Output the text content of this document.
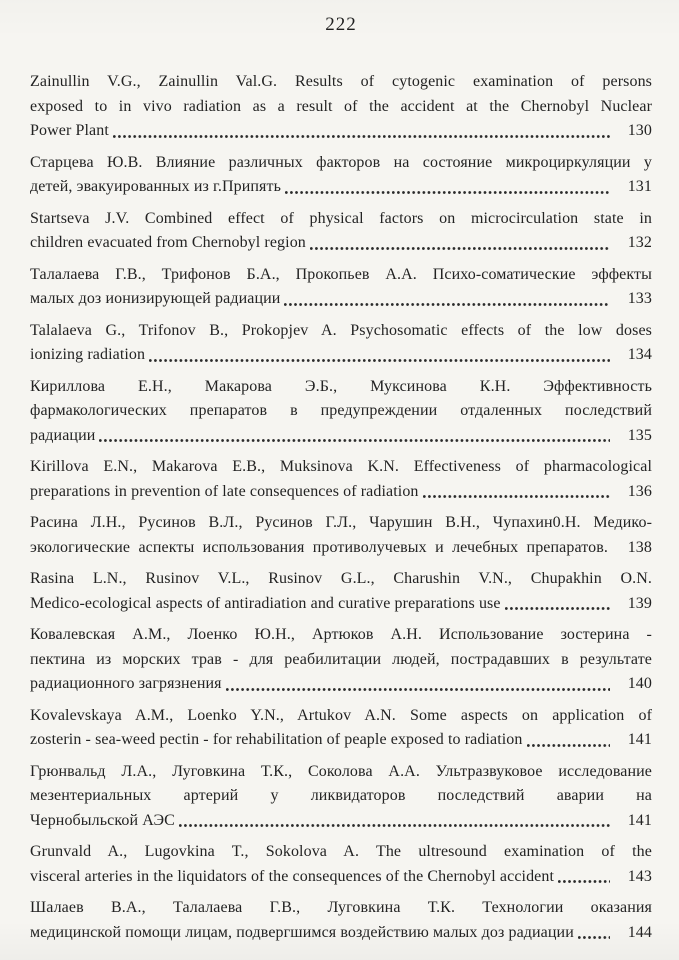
222
Zainullin V.G., Zainullin Val.G. Results of cytogenic examination of persons
exposed to in vivo radiation as a result of the accident at the Chernobyl Nuclear
Power Plant	130
Старцева Ю.В. Влияние различных факторов на состояние микроциркуляции у
детей, эвакуированных из г.Припять	131
Startseva J.V. Combined effect of physical factors on microcirculation state in
children evacuated from Chernobyl region	132
Талалаева Г.В., Трифонов Б.А., Прокопьев А.А. Психо-соматические эффекты
малых доз ионизирующей радиации	133
Talalaeva G., Trifonov B., Prokopjev A. Psychosomatic effects of the low doses
ionizing radiation	134
Кириллова Е.Н., Макарова Э.Б., Муксинова К.Н. Эффективность
фармакологических препаратов в предупреждении отдаленных последствий
радиации	135
Kirillova E.N., Makarova E.B., Muksinova K.N. Effectiveness of pharmacological
preparations in prevention of late consequences of radiation	136
Расина Л.Н., Русинов В.Л., Русинов Г.Л., Чарушин В.Н., Чупахин0.Н. Медико-
экологические аспекты использования противолучевых и лечебных препаратов.	138
Rasina L.N., Rusinov V.L., Rusinov G.L., Charushin V.N., Chupakhin O.N.
Medico-ecological aspects of antiradiation and curative preparations use	139
Ковалевская А.М., Лоенко Ю.Н., Артюков А.Н. Использование зостерина -
пектина из морских трав - для реабилитации людей, пострадавших в результате
радиационного загрязнения	140
Kovalevskaya A.M., Loenko Y.N., Artukov A.N. Some aspects on application of
zosterin - sea-weed pectin - for rehabilitation of peaple exposed to radiation	141
Грюнвальд Л.А., Луговкина Т.К., Соколова А.А. Ультразвуковое исследование
мезентериальных артерий у ликвидаторов последствий аварии на
Чернобыльской АЭС	141
Grunvald A., Lugovkina T., Sokolova A. The ultresound examination of the
visceral arteries in the liquidators of the consequences of the Chernobyl accident	143
Шалаев В.А., Талалаева Г.В., Луговкина Т.К. Технологии оказания
медицинской помощи лицам, подвергшимся воздействию малых доз радиации	144
